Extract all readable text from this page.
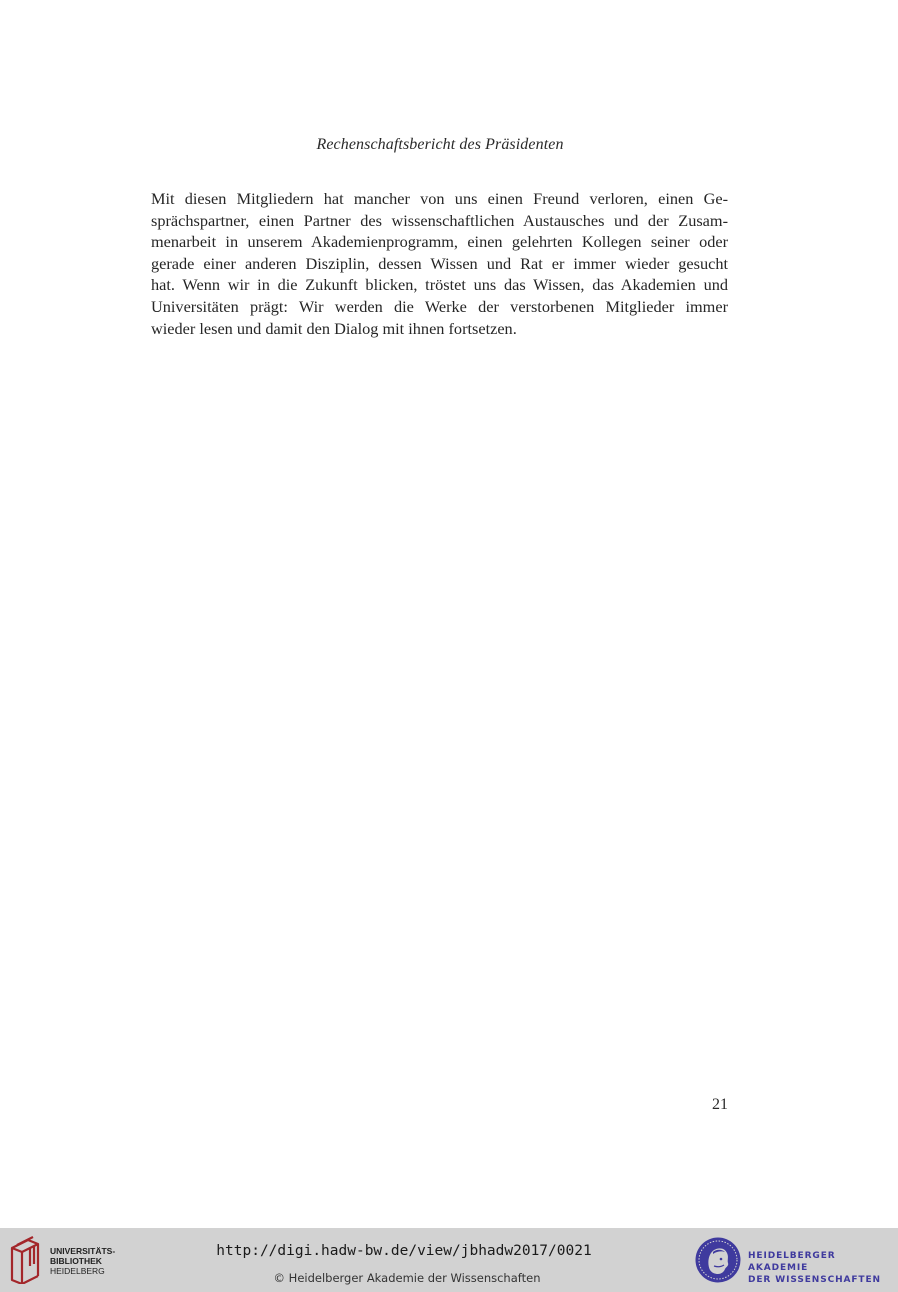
Rechenschaftsbericht des Präsidenten
Mit diesen Mitgliedern hat mancher von uns einen Freund verloren, einen Ge-
sprächspartner, einen Partner des wissenschaftlichen Austausches und der Zusam-
menarbeit in unserem Akademienprogramm, einen gelehrten Kollegen seiner oder
gerade einer anderen Disziplin, dessen Wissen und Rat er immer wieder gesucht
hat. Wenn wir in die Zukunft blicken, tröstet uns das Wissen, das Akademien und
Universitäten prägt: Wir werden die Werke der verstorbenen Mitglieder immer
wieder lesen und damit den Dialog mit ihnen fortsetzen.
21
UNIVERSITÄTS-
BIBLIOTHEK
HEIDELBERG
http://digi.hadw-bw.de/view/jbhadw2017/0021
© Heidelberger Akademie der Wissenschaften
HEIDELBERGER AKADEMIE
DER WISSENSCHAFTEN
